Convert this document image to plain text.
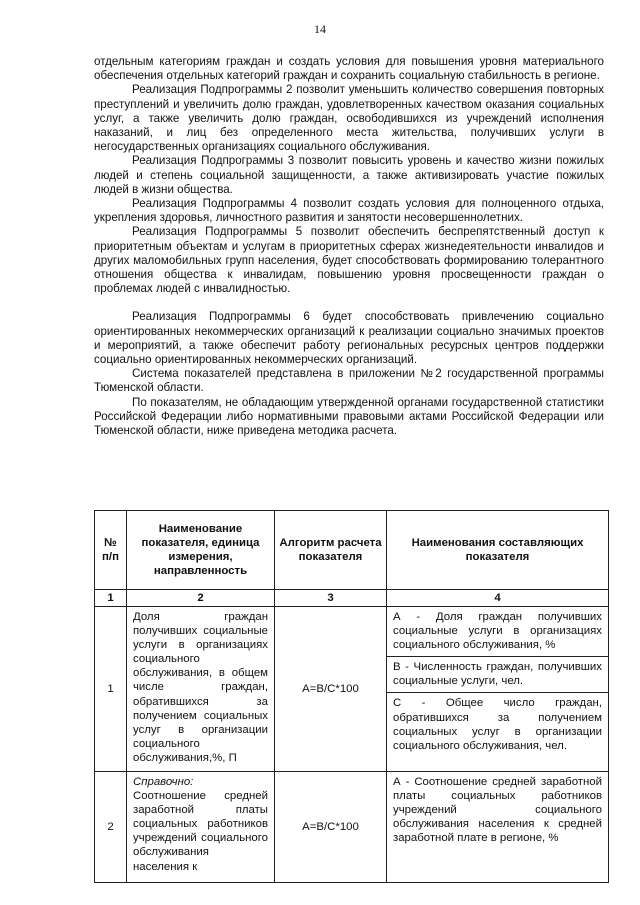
14

отдельным категориям граждан и создать условия для повышения уровня материального обеспечения отдельных категорий граждан и сохранить социальную стабильность в регионе.

Реализация Подпрограммы 2 позволит уменьшить количество совершения повторных преступлений и увеличить долю граждан, удовлетворенных качеством оказания социальных услуг, а также увеличить долю граждан, освободившихся из учреждений исполнения наказаний, и лиц без определенного места жительства, получивших услуги в негосударственных организациях социального обслуживания.

Реализация Подпрограммы 3 позволит повысить уровень и качество жизни пожилых людей и степень социальной защищенности, а также активизировать участие пожилых людей в жизни общества.

Реализация Подпрограммы 4 позволит создать условия для полноценного отдыха, укрепления здоровья, личностного развития и занятости несовершеннолетних.

Реализация Подпрограммы 5 позволит обеспечить беспрепятственный доступ к приоритетным объектам и услугам в приоритетных сферах жизнедеятельности инвалидов и других маломобильных групп населения, будет способствовать формированию толерантного отношения общества к инвалидам, повышению уровня просвещенности граждан о проблемах людей с инвалидностью.

Реализация Подпрограммы 6 будет способствовать привлечению социально ориентированных некоммерческих организаций к реализации социально значимых проектов и мероприятий, а также обеспечит работу региональных ресурсных центров поддержки социально ориентированных некоммерческих организаций.

Система показателей представлена в приложении №2 государственной программы Тюменской области.

По показателям, не обладающим утвержденной органами государственной статистики Российской Федерации либо нормативными правовыми актами Российской Федерации или Тюменской области, ниже приведена методика расчета.

№ п/п	Наименование показателя, единица измерения, направленность	Алгоритм расчета показателя	Наименования составляющих показателя
1	2	3	4
1	Доля граждан получивших социальные услуги в организациях социального обслуживания, в общем числе граждан, обратившихся за получением социальных услуг в организации социального обслуживания,%, П	А=В/С*100	А - Доля граждан получивших социальные услуги в организациях социального обслуживания, %
В - Численность граждан, получивших социальные услуги, чел.
С - Общее число граждан, обратившихся за получением социальных услуг в организации социального обслуживания, чел.

2	Справочно: Соотношение средней заработной платы социальных работников учреждений социального обслуживания населения к	А=В/С*100	А - Соотношение средней заработной платы социальных работников учреждений социального обслуживания населения к средней заработной плате в регионе, %
